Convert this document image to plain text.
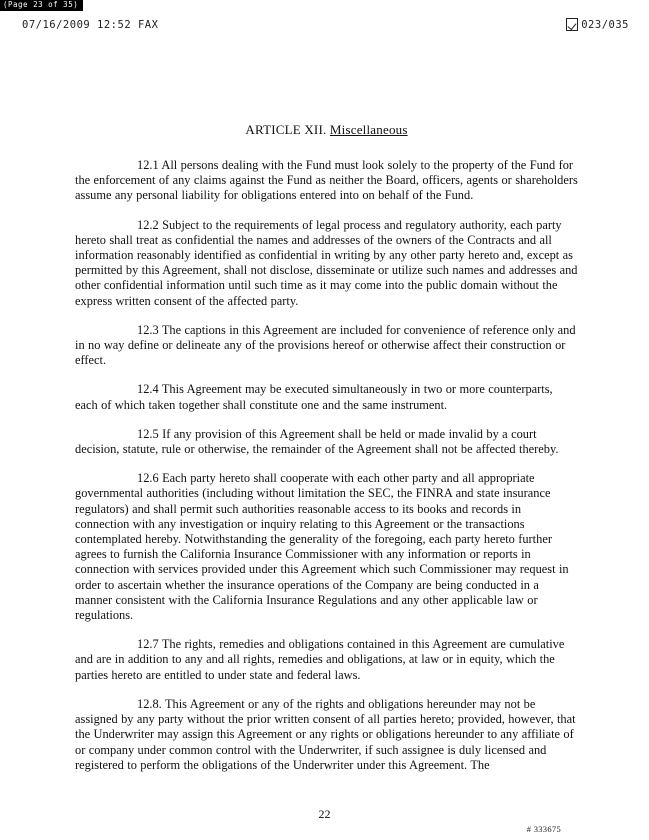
(Page 23 of 35)
07/16/2009 12:52 FAX	023/035
ARTICLE XII. Miscellaneous

12.1 All persons dealing with the Fund must look solely to the property of the Fund for the enforcement of any claims against the Fund as neither the Board, officers, agents or shareholders assume any personal liability for obligations entered into on behalf of the Fund.

12.2 Subject to the requirements of legal process and regulatory authority, each party hereto shall treat as confidential the names and addresses of the owners of the Contracts and all information reasonably identified as confidential in writing by any other party hereto and, except as permitted by this Agreement, shall not disclose, disseminate or utilize such names and addresses and other confidential information until such time as it may come into the public domain without the express written consent of the affected party.

12.3 The captions in this Agreement are included for convenience of reference only and in no way define or delineate any of the provisions hereof or otherwise affect their construction or effect.

12.4 This Agreement may be executed simultaneously in two or more counterparts, each of which taken together shall constitute one and the same instrument.

12.5 If any provision of this Agreement shall be held or made invalid by a court decision, statute, rule or otherwise, the remainder of the Agreement shall not be affected thereby.

12.6 Each party hereto shall cooperate with each other party and all appropriate governmental authorities (including without limitation the SEC, the FINRA and state insurance regulators) and shall permit such authorities reasonable access to its books and records in connection with any investigation or inquiry relating to this Agreement or the transactions contemplated hereby. Notwithstanding the generality of the foregoing, each party hereto further agrees to furnish the California Insurance Commissioner with any information or reports in connection with services provided under this Agreement which such Commissioner may request in order to ascertain whether the insurance operations of the Company are being conducted in a manner consistent with the California Insurance Regulations and any other applicable law or regulations.

12.7 The rights, remedies and obligations contained in this Agreement are cumulative and are in addition to any and all rights, remedies and obligations, at law or in equity, which the parties hereto are entitled to under state and federal laws.

12.8. This Agreement or any of the rights and obligations hereunder may not be assigned by any party without the prior written consent of all parties hereto; provided, however, that the Underwriter may assign this Agreement or any rights or obligations hereunder to any affiliate of or company under common control with the Underwriter, if such assignee is duly licensed and registered to perform the obligations of the Underwriter under this Agreement. The

22
# 333675
